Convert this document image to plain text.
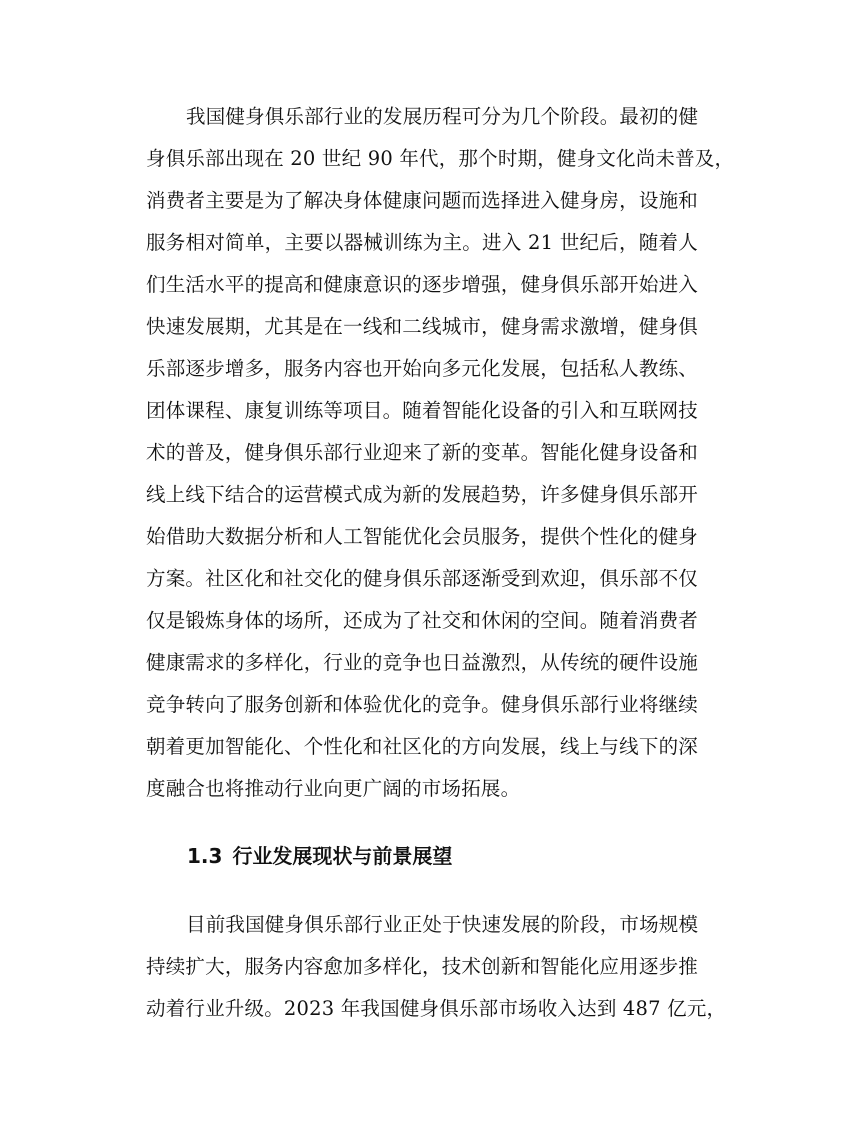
我国健身俱乐部行业的发展历程可分为几个阶段。最初的健
身俱乐部出现在 20 世纪 90 年代，那个时期，健身文化尚未普及，
消费者主要是为了解决身体健康问题而选择进入健身房，设施和
服务相对简单，主要以器械训练为主。进入 21 世纪后，随着人
们生活水平的提高和健康意识的逐步增强，健身俱乐部开始进入
快速发展期，尤其是在一线和二线城市，健身需求激增，健身俱
乐部逐步增多，服务内容也开始向多元化发展，包括私人教练、
团体课程、康复训练等项目。随着智能化设备的引入和互联网技
术的普及，健身俱乐部行业迎来了新的变革。智能化健身设备和
线上线下结合的运营模式成为新的发展趋势，许多健身俱乐部开
始借助大数据分析和人工智能优化会员服务，提供个性化的健身
方案。社区化和社交化的健身俱乐部逐渐受到欢迎，俱乐部不仅
仅是锻炼身体的场所，还成为了社交和休闲的空间。随着消费者
健康需求的多样化，行业的竞争也日益激烈，从传统的硬件设施
竞争转向了服务创新和体验优化的竞争。健身俱乐部行业将继续
朝着更加智能化、个性化和社区化的方向发展，线上与线下的深
度融合也将推动行业向更广阔的市场拓展。
1.3 行业发展现状与前景展望
目前我国健身俱乐部行业正处于快速发展的阶段，市场规模
持续扩大，服务内容愈加多样化，技术创新和智能化应用逐步推
动着行业升级。2023 年我国健身俱乐部市场收入达到 487 亿元，
